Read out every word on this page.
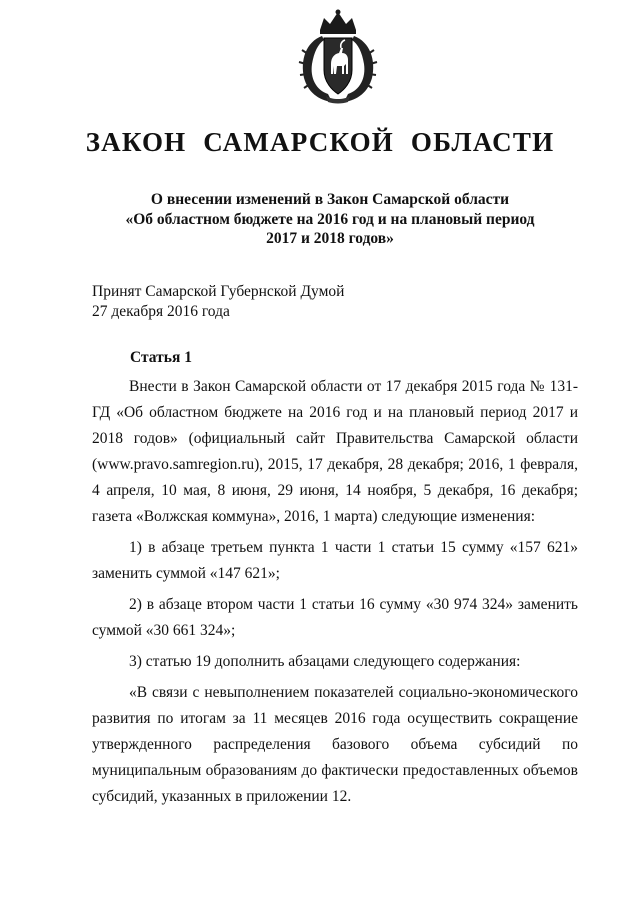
ЗАКОН САМАРСКОЙ ОБЛАСТИ
О внесении изменений в Закон Самарской области
«Об областном бюджете на 2016 год и на плановый период
2017 и 2018 годов»
Принят Самарской Губернской Думой
27 декабря 2016 года
Статья 1

Внести в Закон Самарской области от 17 декабря 2015 года № 131-ГД «Об областном бюджете на 2016 год и на плановый период 2017 и 2018 годов» (официальный сайт Правительства Самарской области (www.pravo.samregion.ru), 2015, 17 декабря, 28 декабря; 2016, 1 февраля, 4 апреля, 10 мая, 8 июня, 29 июня, 14 ноября, 5 декабря, 16 декабря; газета «Волжская коммуна», 2016, 1 марта) следующие изменения:

1) в абзаце третьем пункта 1 части 1 статьи 15 сумму «157 621» заменить суммой «147 621»;

2) в абзаце втором части 1 статьи 16 сумму «30 974 324» заменить суммой «30 661 324»;

3) статью 19 дополнить абзацами следующего содержания:

«В связи с невыполнением показателей социально-экономического развития по итогам за 11 месяцев 2016 года осуществить сокращение утвержденного распределения базового объема субсидий по муниципальным образованиям до фактически предоставленных объемов субсидий, указанных в приложении 12.
